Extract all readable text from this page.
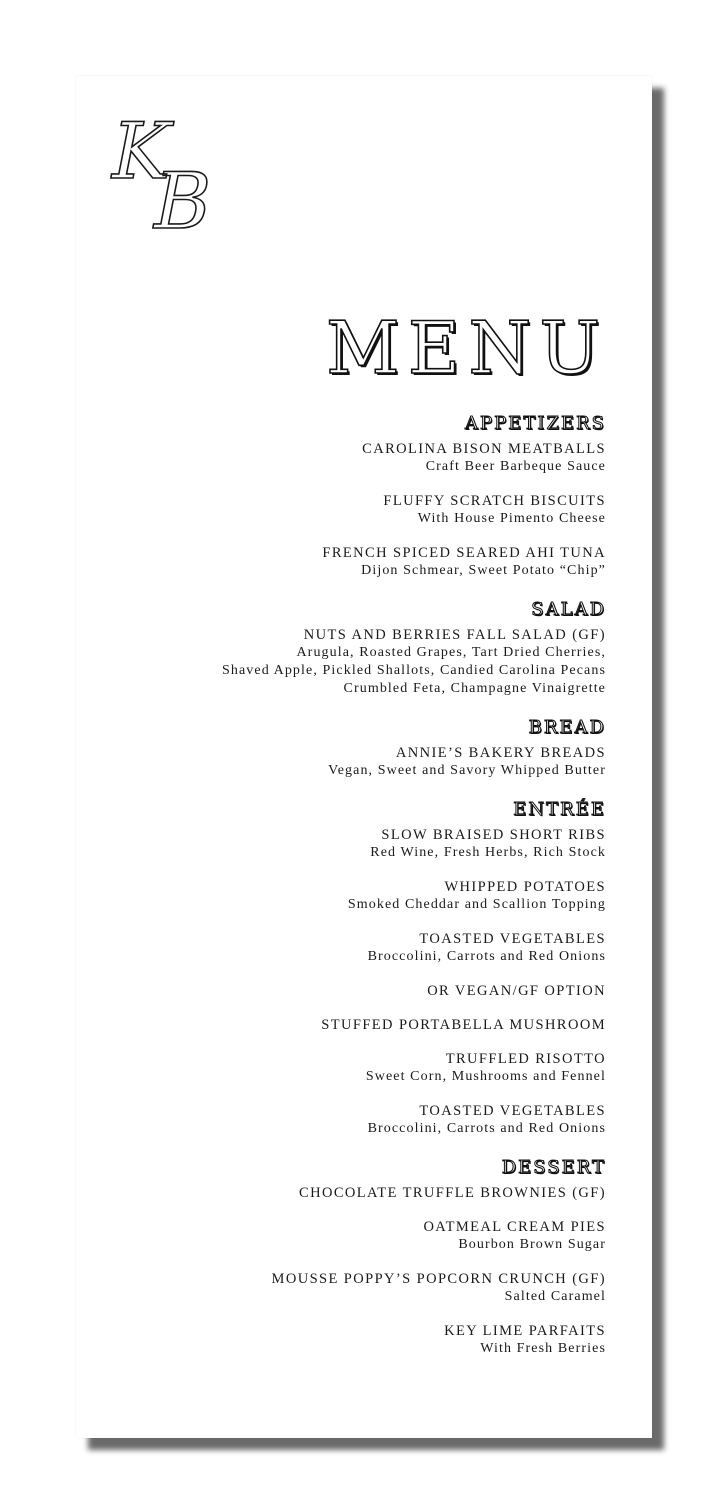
K
B
MENU
APPETIZERS
CAROLINA BISON MEATBALLS
Craft Beer Barbeque Sauce
FLUFFY SCRATCH BISCUITS
With House Pimento Cheese
FRENCH SPICED SEARED AHI TUNA
Dijon Schmear, Sweet Potato “Chip”
SALAD
NUTS AND BERRIES FALL SALAD (GF)
Arugula, Roasted Grapes, Tart Dried Cherries,
Shaved Apple, Pickled Shallots, Candied Carolina Pecans
Crumbled Feta, Champagne Vinaigrette
BREAD
ANNIE’S BAKERY BREADS
Vegan, Sweet and Savory Whipped Butter
ENTRÉE
SLOW BRAISED SHORT RIBS
Red Wine, Fresh Herbs, Rich Stock
WHIPPED POTATOES
Smoked Cheddar and Scallion Topping
TOASTED VEGETABLES
Broccolini, Carrots and Red Onions
OR VEGAN/GF OPTION
STUFFED PORTABELLA MUSHROOM
TRUFFLED RISOTTO
Sweet Corn, Mushrooms and Fennel
TOASTED VEGETABLES
Broccolini, Carrots and Red Onions
DESSERT
CHOCOLATE TRUFFLE BROWNIES (GF)
OATMEAL CREAM PIES
Bourbon Brown Sugar
MOUSSE POPPY’S POPCORN CRUNCH (GF)
Salted Caramel
KEY LIME PARFAITS
With Fresh Berries
